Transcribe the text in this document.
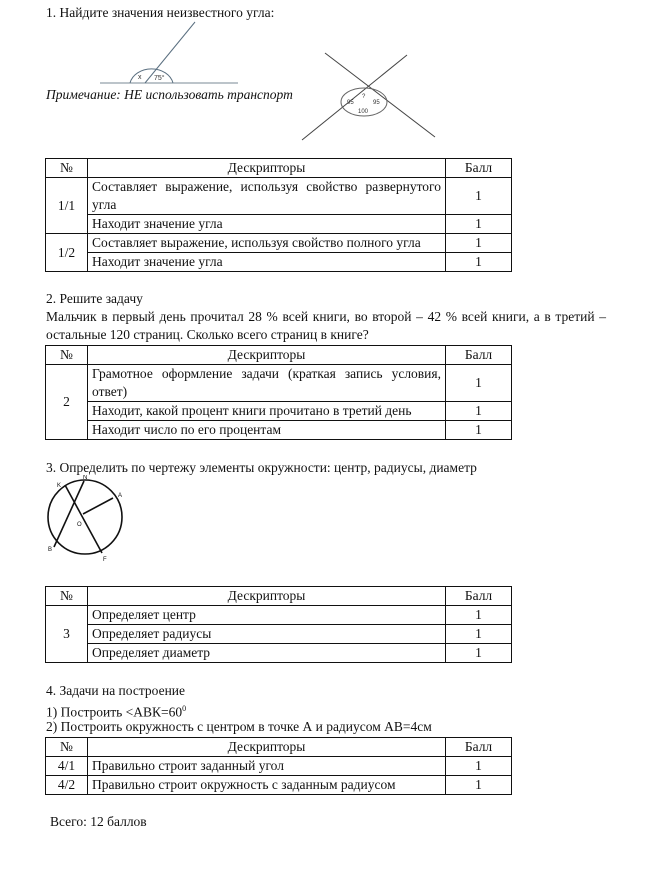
1. Найдите значения неизвестного угла:
x 75°
Примечание: НЕ использовать транспорт	?
95	95
100
№	Дескрипторы	Балл
1/1	Составляет выражение, используя свойство развернутого угла	1
	Находит значение угла	1
1/2	Составляет выражение, используя свойство полного угла	1
	Находит значение угла	1
2. Решите задачу
Мальчик в первый день прочитал 28 % всей книги, во второй – 42 % всей книги, а в третий –
остальные 120 страниц. Сколько всего страниц в книге?
№	Дескрипторы	Балл
2	Грамотное оформление задачи (краткая запись условия, ответ)	1
	Находит, какой процент книги прочитано в третий день	1
	Находит число по его процентам	1
3. Определить по чертежу элементы окружности: центр, радиусы, диаметр
K
N
A
O
B
F
№	Дескрипторы	Балл
3	Определяет центр	1
	Определяет радиусы	1
	Определяет диаметр	1
4. Задачи на построение
1) Построить $<АВК=60^0$
2) Построить окружность с центром в точке А и радиусом АВ=4см
№	Дескрипторы	Балл
4/1	Правильно строит заданный угол	1
4/2	Правильно строит окружность с заданным радиусом	1
Всего: 12 баллов
